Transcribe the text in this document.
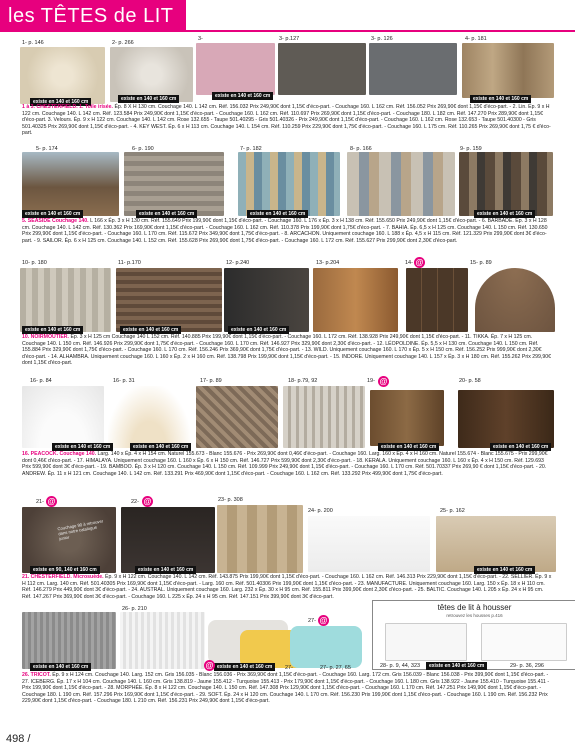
les TÊTES de LIT
1- p. 146	2- p. 266
3-	3- p.127	3- p. 126	4- p. 181
existe en 140 et 160 cm	existe en 140 et 160 cm	existe en 140 et 160 cm	existe en 140 et 160 cm
1 à 3. CHESTERFIELD. 1. Toile irisée. Ép. 8 X H 130 cm. Couchage 140. L 142 cm. Réf. 156.032 Prix 249,90€ dont 1,15€ d'éco-part. - Couchage 160. L 162 cm. Réf. 156.052 Prix 269,90€ dont 1,15€ d'éco-part. - 2. Lin. Ép. 9 x H 122 cm. Couchage 140. L 142 cm. Réf. 123.584 Prix 249,90€ dont 1,15€ d'éco-part. - Couchage 160. L 162 cm. Réf. 110.697 Prix 269,90€ dont 1,15€ d'éco-part. - Couchage 180. L 182 cm. Réf. 147.270 Prix 289,90€ dont 1,15€ d'éco-part. 3. Velours. Ép. 9 x H 122 cm. Couchage 140. L 142 cm. Rose 132.655 - Taupe 501.40295 - Gris 501.40326 - Prix 249,90€ dont 1,15€ d'éco-part. - Couchage 160. L 162 cm. Rose 132.653 - Taupe 501.40300 - Gris 501.40325 Prix 269,90€ dont 1,15€ d'éco-part. - 4. KEY WEST. Ép. 6 x H 113 cm. Couchage 140. L 154 cm. Réf. 110.259 Prix 229,90€ dont 1,75€ d'éco-part. - Couchage 160. L 175 cm. Réf. 110.265 Prix 269,90€ dont 1,75 € d'éco-part.
5- p. 174	6- p. 190	7- p. 182	8- p. 166	9- p. 159
existe en 140 et 160 cm	existe en 140 et 160 cm	existe en 140 et 160 cm	existe en 140 et 160 cm
5. SEASIDE Couchage 140. L 166 x Ép. 3 x H 130 cm. Réf. 155.649 Prix 199,90€ dont 1,15€ d'éco-part. - Couchage 160. L 176 x Ép. 3 x H 138 cm. Réf. 155.650 Prix 249,90€ dont 1,15€ d'éco-part. - 6. BARBADE. Ép. 3 x H 128 cm. Couchage 140. L 142 cm. Réf. 130.362 Prix 169,90€ dont 1,15€ d'éco-part. - Couchage 160. L 162 cm. Réf. 110.378 Prix 199,90€ dont 1,75€ d'éco-part. - 7. BAHIA. Ép. 6,5 x H 125 cm. Couchage 140. L 150 cm. Réf. 130.650 Prix 299,90€ dont 1,15€ d'éco-part. - Couchage 160. L 170 cm. Réf. 115.672 Prix 349,90€ dont 1,75€ d'éco-part. - 8. ARCACHON. Uniquement couchage 160. L 188 x Ép. 4,5 x H 115 cm. Réf. 121.329 Prix 299,90€ dont 3€ d'éco-part. - 9. SAILOR. Ép. 6 x H 125 cm. Couchage 140. L 152 cm. Réf. 155.628 Prix 269,90€ dont 1,75€ d'éco-part. - Couchage 160. L 172 cm. Réf. 155.627 Prix 299,90€ dont 2,30€ d'éco-part.
10- p. 180	11- p.170	12- p.240	13- p.204	14- @	15- p. 89
existe en 140 et 160 cm	existe en 140 et 160 cm	existe en 140 et 160 cm
10. NOIRMOUTIER. Ép. 3 x H 125 cm Couchage 140 L 152 cm. Réf. 140.885 Prix 199,90€ dont 1,15€ d'éco-part. - Couchage 160. L 172 cm. Réf. 138.928 Prix 249,90€ dont 1,15€ d'éco-part. - 11. TIKKA. Ép. 7 x H 125 cm. Couchage 140. L 150 cm. Réf. 146.926 Prix 299,90€ dont 1,75€ d'éco-part. - Couchage 160. L 170 cm. Réf. 146.927 Prix 329,90€ dont 2,30€ d'éco-part. - 12. LÉOPOLDINE. Ép. 5,5 x H 130 cm. Couchage 140. L 150 cm. Réf. 155.884 Prix 329,90€ dont 1,75€ d'éco-part. - Couchage 160. L 170 cm. Réf. 156.246 Prix 369,90€ dont 1,75€ d'éco-part. - 13. WILD. Uniquement couchage 160. L 170 x Ép. 5 x H 150 cm. Réf. 156.252 Prix 999,90€ dont 2,30€ d'éco-part. - 14. ALHAMBRA. Uniquement couchage 160. L 160 x Ép. 2 x H 160 cm. Réf. 138.798 Prix 199,90€ dont 1,15€ d'éco-part. - 15. INDORE. Uniquement couchage 140. L 157 x Ép. 3 x H 180 cm. Réf. 155.262 Prix 299,90€ dont 1,15€ d'éco-part.
16- p. 84	16- p. 31	17- p. 89	18- p.79, 92	19- @	20- p. 58
existe en 140 et 160 cm	existe en 140 et 160 cm	existe en 140 et 160 cm	existe en 140 et 160 cm
16. PEACOCK. Couchage 140. Larg. 140 x Ép. 4 x H 154 cm. Naturel 155.673 - Blanc 155.676 - Prix 269,90€ dont 0,46€ d'éco-part. - Couchage 160. Larg. 160 x Ép. 4 x H 160 cm. Naturel 155.674 - Blanc 155.675 - Prix 299,90€ dont 0,46€ d'éco-part. - 17. HIMALAYA. Uniquement couchage 160. L 160 x Ép. 6 x H 150 cm. Réf. 146.727 Prix 599,90€ dont 2,30€ d'éco-part. - 18. KERALA. Uniquement couchage 160. L 160 x Ép. 4 x H 150 cm. Réf. 129.693 Prix 599,90€ dont 3€ d'éco-part. - 19. BAMBOO. Ép. 3 x H 120 cm. Couchage 140. L 150 cm. Réf. 109.999 Prix 249,90€ dont 1,15€ d'éco-part. - Couchage 160. L 170 cm. Réf. 501.70337 Prix 269,90 € dont 1,15€ d'éco-part. - 20. ANDREW. Ép. 11 x H 121 cm. Couchage 140. L 142 cm. Réf. 133.291 Prix 469,90€ dont 1,15€ d'éco-part. - Couchage 160. L 162 cm. Réf. 133.292 Prix 499,90€ dont 1,75€ d'éco-part.
21- @	22- @	23- p. 308
24- p. 200	25- p. 162
Couchage 90 à retrouver dans notre catalogue junior
existe en 90, 140 et 160 cm	existe en 140 et 160 cm	existe en 140 et 160 cm
21. CHESTERFIELD. Microsuède. Ép. 9 x H 122 cm. Couchage 140. L 142 cm. Réf. 143.875 Prix 199,90€ dont 1,15€ d'éco-part. - Couchage 160. L 162 cm. Réf. 146.313 Prix 229,90€ dont 1,15€ d'éco-part. - 22. SELLIER. Ép. 9 x H 112 cm. Larg. 140 cm. Réf. 501.40305 Prix 169,90€ dont 1,15€ d'éco-part. - Larg. 160 cm. Réf. 501.40306 Prix 199,90€ dont 1,15€ d'éco-part. - 23. MANUFACTURE. Uniquement couchage 160. Larg. 150 x Ép. 18 x H 110 cm. Réf. 146.279 Prix 449,90€ dont 3€ d'éco-part. - 24. AUSTRAL. Uniquement couchage 160. Larg. 232 x Ép. 30 x H 95 cm. Réf. 155.811 Prix 399,90€ dont 2,30€ d'éco-part. - 25. BALTIC. Couchage 140. L 205 x Ép. 24 x H 95 cm. Réf. 147.267 Prix 369,90€ dont 3€ d'éco-part. - Couchage 160. L 225 x Ép. 24 x H 95 cm. Réf. 147.151 Prix 399,90€ dont 3€ d'éco-part.
26- p. 210
27- @
existe en 140 et 160 cm	existe en 140 et 160 cm
@	27-	27- p. 27, 65
têtes de lit à housser
retrouvez les housses p.416
28- p. 9, 44, 323	existe en 140 et 160 cm	29- p. 36, 296
26. TRICOT. Ép. 9 x H 124 cm. Couchage 140. Larg. 152 cm. Gris 156.035 - Blanc 156.036 - Prix 369,90€ dont 1,15€ d'éco-part. - Couchage 160. Larg. 172 cm. Gris 156.039 - Blanc 156.038 - Prix 399,90€ dont 1,15€ d'éco-part. - 27. ICEBERG. Ép. 17 x H 104 cm. Couchage 140. L 160 cm. Gris 138.819 - Jaune 155.412 - Turquoise 155.413 - Prix 179,90€ dont 1,15€ d'éco-part. - Couchage 160. L 180 cm. Gris 138.922 - Jaune 155.410 - Turquoise 155.411 - Prix 199,90€ dont 1,15€ d'éco-part. - 28. MORPHÉE. Ép. 8 x H 122 cm. Couchage 140. L 150 cm. Réf. 147.308 Prix 129,90€ dont 1,15€ d'éco-part. - Couchage 160. L 170 cm. Réf. 147.251 Prix 149,90€ dont 1,15€ d'éco-part. - Couchage 180. L 190 cm. Réf. 157.296 Prix 169,90€ dont 1,15€ d'éco-part. - 29. SOFT. Ép. 24 x H 120 cm. Couchage 140. L 170 cm. Réf. 156.230 Prix 199,90€ dont 1,15€ d'éco-part. - Couchage 160. L 190 cm. Réf. 156.232 Prix 229,90€ dont 1,15€ d'éco-part. - Couchage 180. L 210 cm. Réf. 156.231 Prix 249,90€ dont 1,15€ d'éco-part.
498 /
